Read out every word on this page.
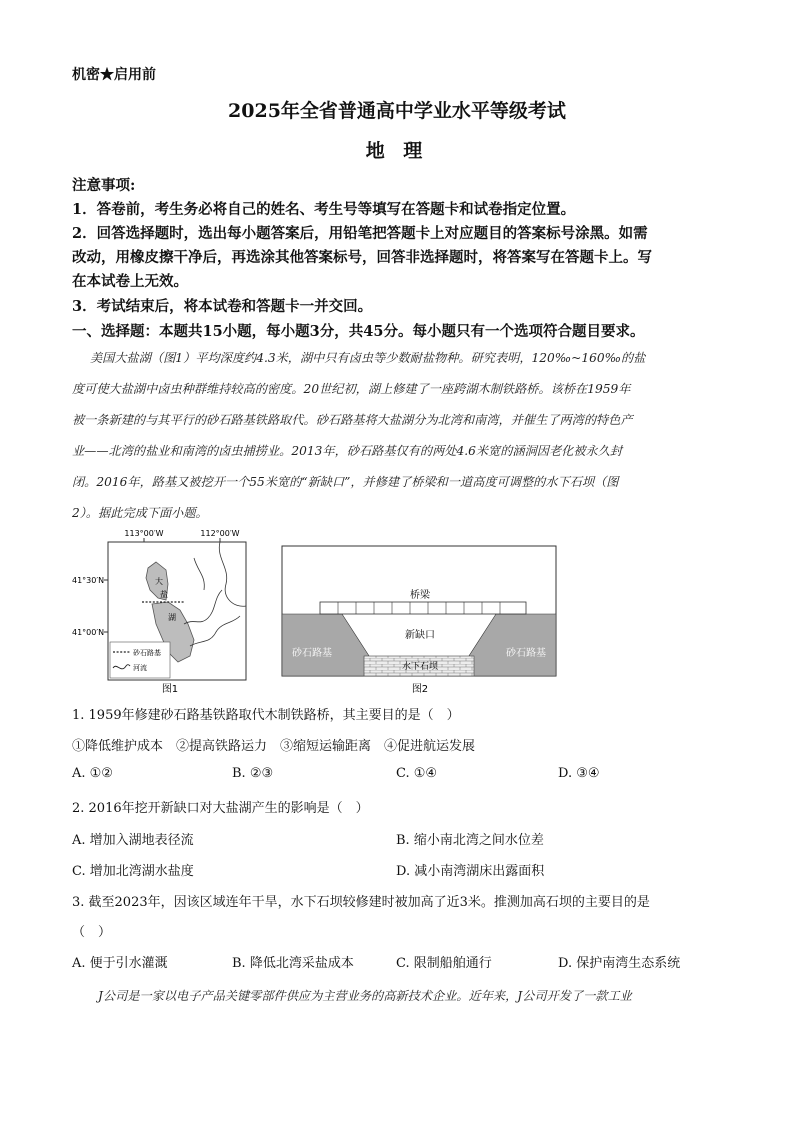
机密★启用前
2025年全省普通高中学业水平等级考试
地 理
注意事项:
1．答卷前，考生务必将自己的姓名、考生号等填写在答题卡和试卷指定位置。
2．回答选择题时，选出每小题答案后，用铅笔把答题卡上对应题目的答案标号涂黑。如需
改动，用橡皮擦干净后，再选涂其他答案标号，回答非选择题时，将答案写在答题卡上。写
在本试卷上无效。
3．考试结束后，将本试卷和答题卡一并交回。
一、选择题：本题共15小题，每小题3分，共45分。每小题只有一个选项符合题目要求。
美国大盐湖（图1）平均深度约4.3米，湖中只有卤虫等少数耐盐物种。研究表明，120‰~160‰的盐
度可使大盐湖中卤虫种群维持较高的密度。20世纪初，湖上修建了一座跨湖木制铁路桥。该桥在1959年
被一条新建的与其平行的砂石路基铁路取代。砂石路基将大盐湖分为北湾和南湾，并催生了两湾的特色产
业——北湾的盐业和南湾的卤虫捕捞业。2013年，砂石路基仅有的两处4.6米宽的涵洞因老化被永久封
闭。2016年，路基又被挖开一个55米宽的“新缺口”，并修建了桥梁和一道高度可调整的水下石坝（图
2）。据此完成下面小题。
113°00′W	112°00′W
41°30′N
41°00′N
大
盐
湖
砂石路基
河流
图1
桥梁
新缺口
砂石路基	砂石路基
水下石坝
图2
1. 1959年修建砂石路基铁路取代木制铁路桥，其主要目的是（　）
①降低维护成本　②提高铁路运力　③缩短运输距离　④促进航运发展
A. ①②	B. ②③	C. ①④	D. ③④
2. 2016年挖开新缺口对大盐湖产生的影响是（　）
A. 增加入湖地表径流	B. 缩小南北湾之间水位差
C. 增加北湾湖水盐度	D. 减小南湾湖床出露面积
3. 截至2023年，因该区域连年干旱，水下石坝较修建时被加高了近3米。推测加高石坝的主要目的是
（　）
A. 便于引水灌溉	B. 降低北湾采盐成本	C. 限制船舶通行	D. 保护南湾生态系统
J公司是一家以电子产品关键零部件供应为主营业务的高新技术企业。近年来，J公司开发了一款工业
